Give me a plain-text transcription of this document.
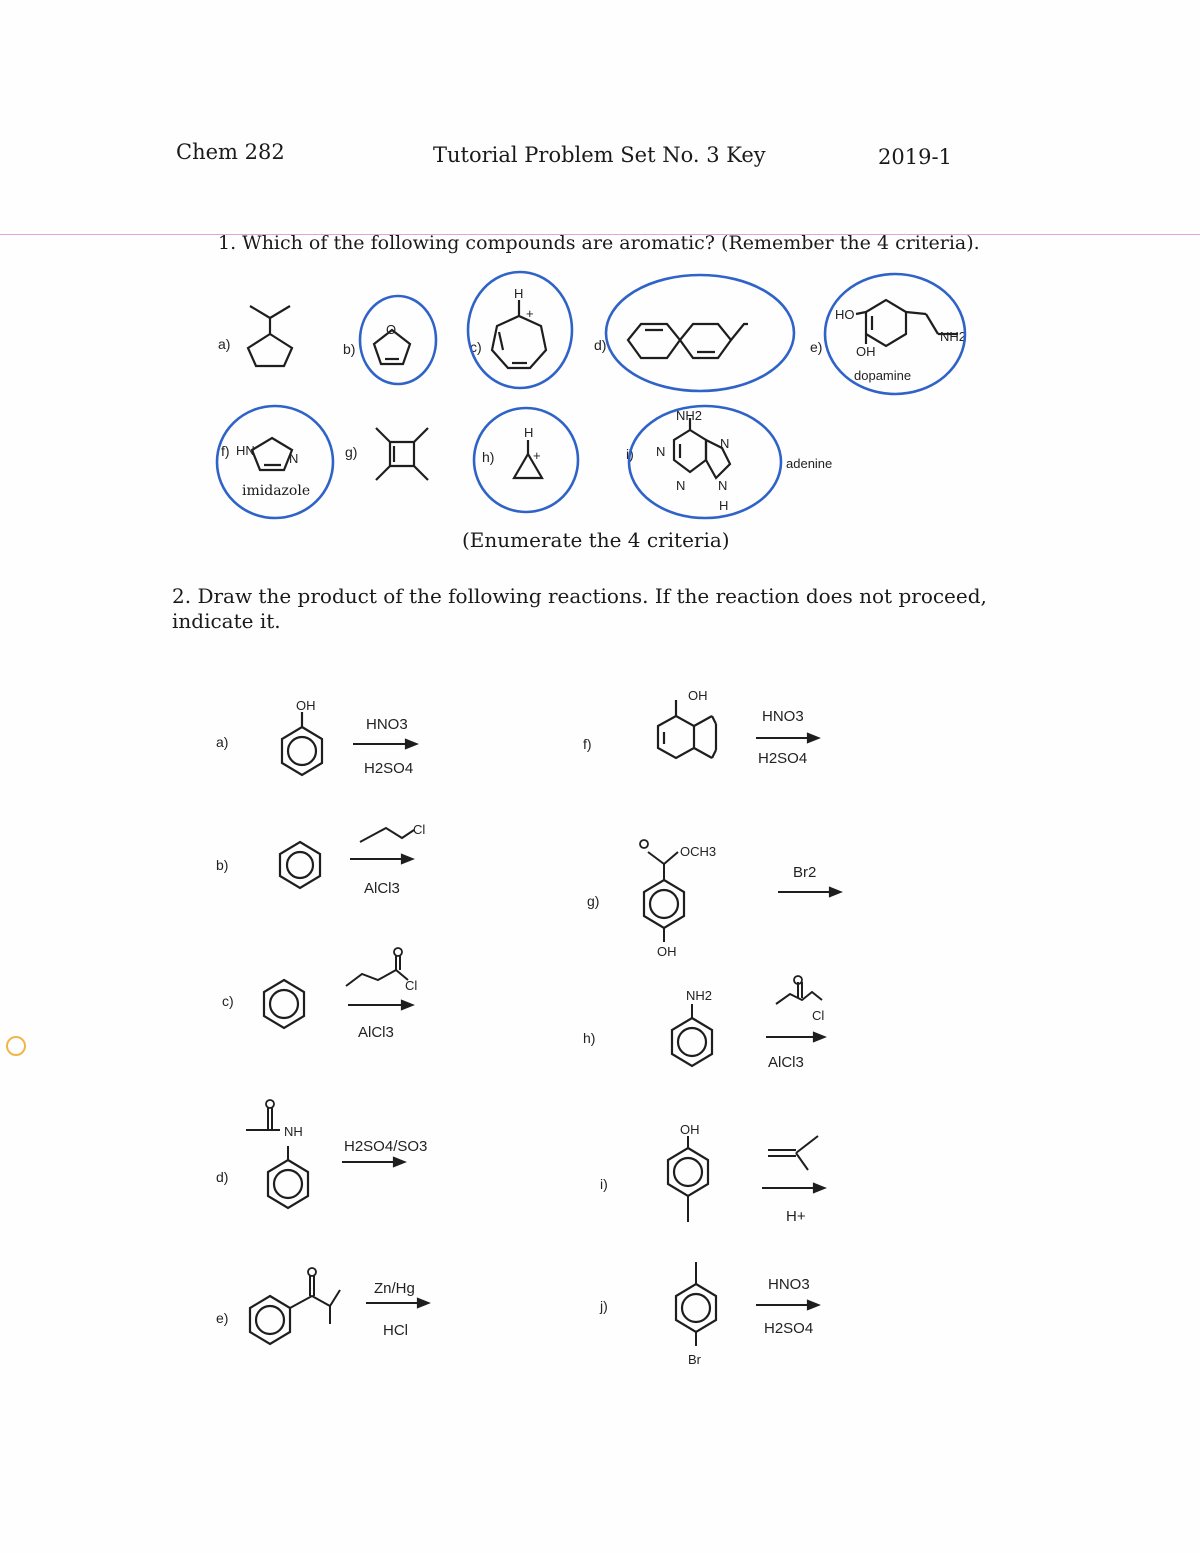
Chem 282	Tutorial Problem Set No. 3 Key	2019-1
1. Which of the following compounds are aromatic? (Remember the 4 criteria).
a)	b)	c)	d)	e)
f)	g)	h)	i)
O
H
+	HO
OH
NH2
HN
N
H
+
NH2
N
N
N
N
H
imidazole
dopamine
adenine
(Enumerate the 4 criteria)
2. Draw the product of the following reactions. If the reaction does not proceed, indicate it.
a)
b)
c)
d)
e)
f)
g)
h)
i)
j)
HNO3
H2SO4
Cl
AlCl3
Cl
AlCl3
H2SO4/SO3
Zn/Hg
HCl
HNO3
H2SO4
Br2
Cl
AlCl3
H+
HNO3
H2SO4
OH
NH
OH
OCH3
OH
NH2
OH
Br
